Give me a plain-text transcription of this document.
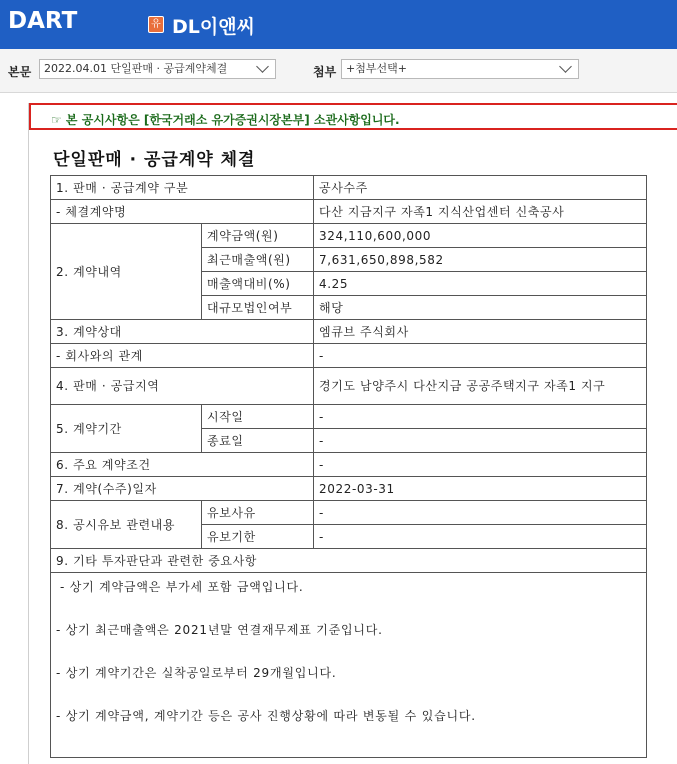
DART	유 DL이앤씨
본문	2022.04.01 단일판매 · 공급계약체결	첨부 +첨부선택+
☞ 본 공시사항은 [한국거래소 유가증권시장본부] 소관사항입니다.
단일판매 · 공급계약 체결
1. 판매 · 공급계약 구분		공사수주
- 체결계약명		다산 지금지구 자족1 지식산업센터 신축공사
2. 계약내역	계약금액(원)	324,110,600,000
	최근매출액(원)	7,631,650,898,582
	매출액대비(%)	4.25
	대규모법인여부	해당
3. 계약상대		엠큐브 주식회사
- 회사와의 관계		-
4. 판매 · 공급지역		경기도 남양주시 다산지금 공공주택지구 자족1 지구
5. 계약기간	시작일	-
	종료일	-
6. 주요 계약조건		-
7. 계약(수주)일자		2022-03-31
8. 공시유보 관련내용	유보사유	-
	유보기한	-
9. 기타 투자판단과 관련한 중요사항		

- 상기 계약금액은 부가세 포함 금액입니다.

- 상기 최근매출액은 2021년말 연결재무제표 기준입니다.

- 상기 계약기간은 실착공일로부터 29개월입니다.

- 상기 계약금액, 계약기간 등은 공사 진행상황에 따라 변동될 수 있습니다.		
